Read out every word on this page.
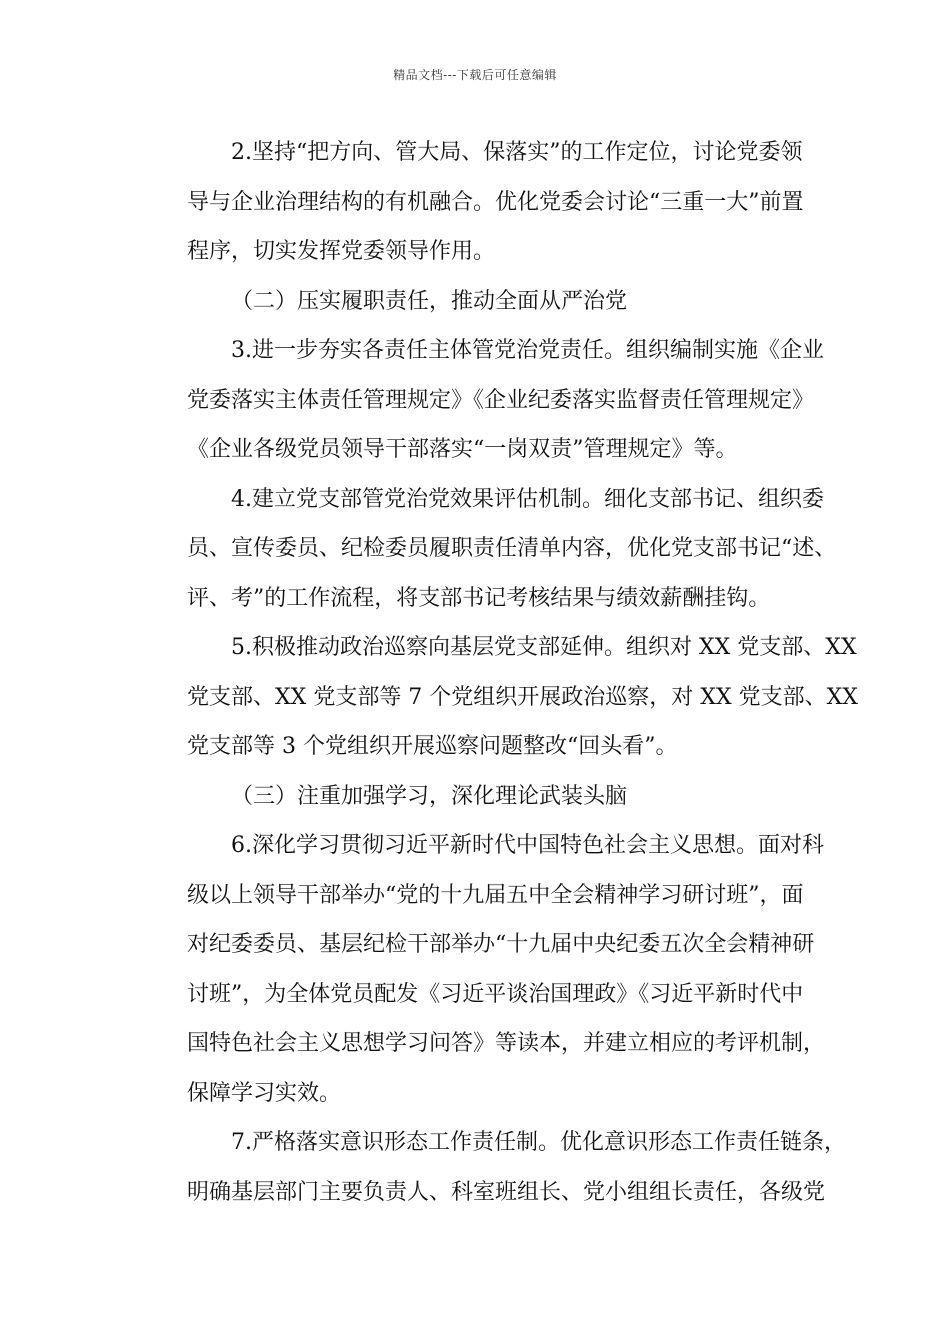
精品文档---下载后可任意编辑
2.坚持“把方向、管大局、保落实”的工作定位，讨论党委领
导与企业治理结构的有机融合。优化党委会讨论“三重一大”前置
程序，切实发挥党委领导作用。
（二）压实履职责任，推动全面从严治党
3.进一步夯实各责任主体管党治党责任。组织编制实施《企业
党委落实主体责任管理规定》《企业纪委落实监督责任管理规定》
《企业各级党员领导干部落实“一岗双责”管理规定》等。
4.建立党支部管党治党效果评估机制。细化支部书记、组织委
员、宣传委员、纪检委员履职责任清单内容，优化党支部书记“述、
评、考”的工作流程，将支部书记考核结果与绩效薪酬挂钩。
5.积极推动政治巡察向基层党支部延伸。组织对 XX 党支部、XX
党支部、XX 党支部等 7 个党组织开展政治巡察，对 XX 党支部、XX
党支部等 3 个党组织开展巡察问题整改“回头看”。
（三）注重加强学习，深化理论武装头脑
6.深化学习贯彻习近平新时代中国特色社会主义思想。面对科
级以上领导干部举办“党的十九届五中全会精神学习研讨班”，面
对纪委委员、基层纪检干部举办“十九届中央纪委五次全会精神研
讨班”，为全体党员配发《习近平谈治国理政》《习近平新时代中
国特色社会主义思想学习问答》等读本，并建立相应的考评机制，
保障学习实效。
7.严格落实意识形态工作责任制。优化意识形态工作责任链条，
明确基层部门主要负责人、科室班组长、党小组组长责任，各级党
